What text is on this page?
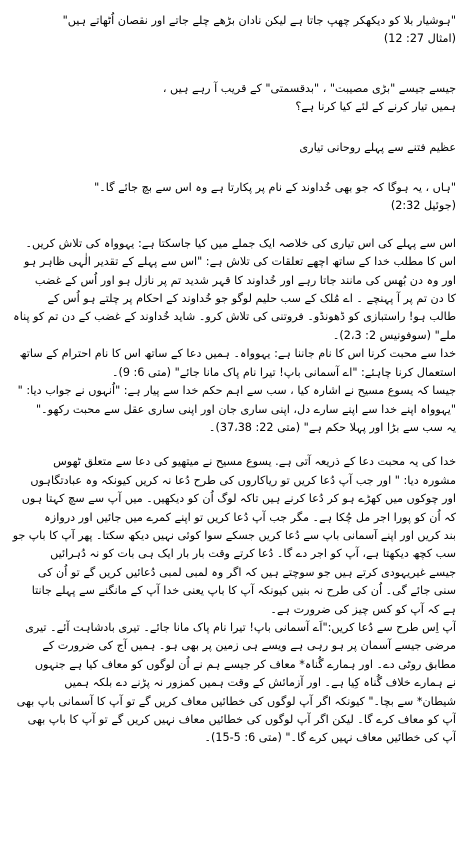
"ہوشیار بلا کو دیکھکر چھپ جاتا ہے لیکن نادان بڑھے چلے جاتے اور نقصان اُٹھاتے ہیں"
(امثال 27: 12)
جیسے جیسے "بڑی مصیبت" ، "بدقسمتی" کے قریب آ رہے ہیں ،
ہمیں تیار کرنے کے لئے کیا کرنا ہے؟
عظیم فتنے سے پہلے روحانی تیاری
"ہاں ، یہ ہوگا کہ جو بھی خُداوند کے نام پر پکارتا ہے وہ اس سے بچ جائے گا۔"
(جوئیل 2:32)
اس سے پہلے کی اس تیاری کی خلاصہ ایک جملے میں کیا جاسکتا ہے: یہوواہ کی تلاش کریں۔
اس کا مطلب خدا کے ساتھ اچھے تعلقات کی تلاش ہے: "اس سے پہلے کے تقدیر الٰہی ظاہر ہو
اور وہ دن بُھس کی مانند جاتا رہے اور خُداوند کا قہر شدید تم پر نازل ہو اور اُس کے غضب
کا دن تم پر آ پہنچے ۔ اے مُلک کے سب حلیم لوگو جو خُداوند کے احکام پر چلتے ہو اُس کے
طالب ہو! راستبازی کو ڈھونڈو۔ فروتنی کی تلاش کرو۔ شاید خُداوند کے غضب کے دن تم کو پناہ
ملے" (سوفونیس 2: 2،3)۔
خدا سے محبت کرنا اس کا نام جاننا ہے: یہوواہ۔ ہمیں دعا کے ساتھ اس کا نام احترام کے ساتھ
استعمال کرنا چاہئے: "اے آسمانی باپ! تیرا نام پاک مانا جائے" (متی 6: 9)۔
جیسا کہ یسوع مسیح نے اشارہ کیا ، سب سے اہم حکم خدا سے پیار ہے: "اُنہوں نے جواب دیا: "
"یہوواہ اپنے خدا سے اپنے سارے دل، اپنی ساری جان اور اپنی ساری عقل سے محبت رکھو۔"
یہ سب سے بڑا اور پہلا حکم ہے" (متی 22: 37،38)۔
خدا کی یہ محبت دعا کے ذریعہ آتی ہے. یسوع مسیح نے میتھیو کی دعا سے متعلق ٹھوس
مشورہ دیا: " اور جب آپ دُعا کریں تو ریاکاروں کی طرح دُعا نہ کریں کیونکہ وہ عبادتگاہوں
اور چوکوں میں کھڑے ہو کر دُعا کرنے ہیں تاکہ لوگ اُن کو دیکھیں۔ میں آپ سے سچ کہتا ہوں
کہ اُن کو پورا اجر مل چُکا ہے۔ مگر جب آپ دُعا کریں تو اپنے کمرے میں جائیں اور دروازہ
بند کریں اور اپنے آسمانی باپ سے دُعا کریں جسکے سوا کوئی نہیں دیکھ سکتا۔ پھر آپ کا باپ جو
سب کچھ دیکھتا ہے، آپ کو اجر دے گا۔ دُعا کرتے وقت بار بار ایک ہی بات کو نہ دُہرائیں
جیسے غیریہودی کرتے ہیں جو سوچتے ہیں کہ اگر وہ لمبی لمبی دُعائیں کریں گے تو اُن کی
سنی جائے گی۔ اُن کی طرح نہ بنیں کیونکہ آپ کا باپ یعنی خدا آپ کے مانگنے سے پہلے جانتا
ہے کہ آپ کو کس چیز کی ضرورت ہے۔
آپ اِس طرح سے دُعا کریں:"اَے آسمانی باپ! تیرا نام پاک مانا جائے۔ تیری بادشاہت آئے۔ تیری
مرضی جیسے آسمان پر ہو رہی ہے ویسے ہی زمین پر بھی ہو۔ ہمیں آج کی ضرورت کے
مطابق روٹی دے۔ اور ہمارے گُناہ* معاف کر جیسے ہم نے اُن لوگوں کو معاف کیا ہے جنہوں
نے ہمارے خلاف گُناہ کِیا ہے۔ اور آزمائش کے وقت ہمیں کمزور نہ پڑنے دے بلکہ ہمیں
شیطان* سے بچا۔" کیونکہ اگر آپ لوگوں کی خطائیں معاف کریں گے تو آپ کا آسمانی باپ بھی
آپ کو معاف کرے گا۔ لیکن اگر آپ لوگوں کی خطائیں معاف نہیں کریں گے تو آپ کا باپ بھی
آپ کی خطائیں معاف نہیں کرے گا۔" (متی 6: 5-15)۔
